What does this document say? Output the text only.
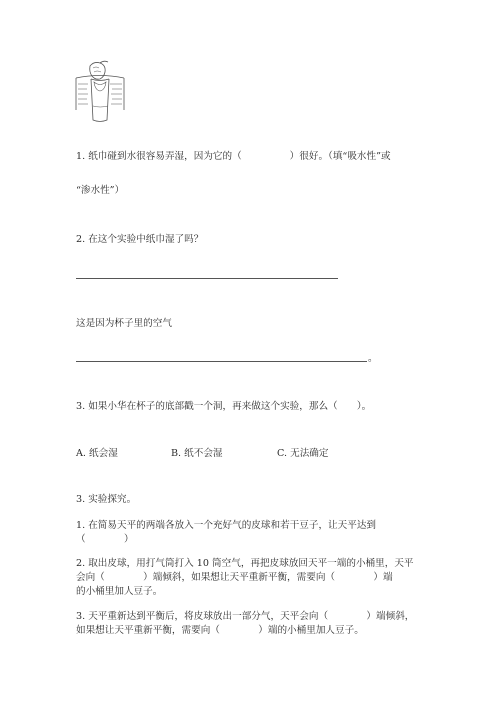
1. 纸巾碰到水很容易弄湿，因为它的（　　　　　）很好。（填“吸水性”或
“渗水性”）
2. 在这个实验中纸巾湿了吗？
这是因为杯子里的空气
。
3. 如果小华在杯子的底部戳一个洞，再来做这个实验，那么（　　）。
A. 纸会湿	B. 纸不会湿	C. 无法确定
3. 实验探究。
1. 在简易天平的两端各放入一个充好气的皮球和若干豆子，让天平达到
（　　　　）
2. 取出皮球，用打气筒打入 10 筒空气，再把皮球放回天平一端的小桶里，天平
会向（　　　　）端倾斜，如果想让天平重新平衡，需要向（　　　　）端
的小桶里加人豆子。
3. 天平重新达到平衡后，将皮球放出一部分气，天平会向（　　　　）端倾斜，
如果想让天平重新平衡，需要向（　　　　）端的小桶里加人豆子。
